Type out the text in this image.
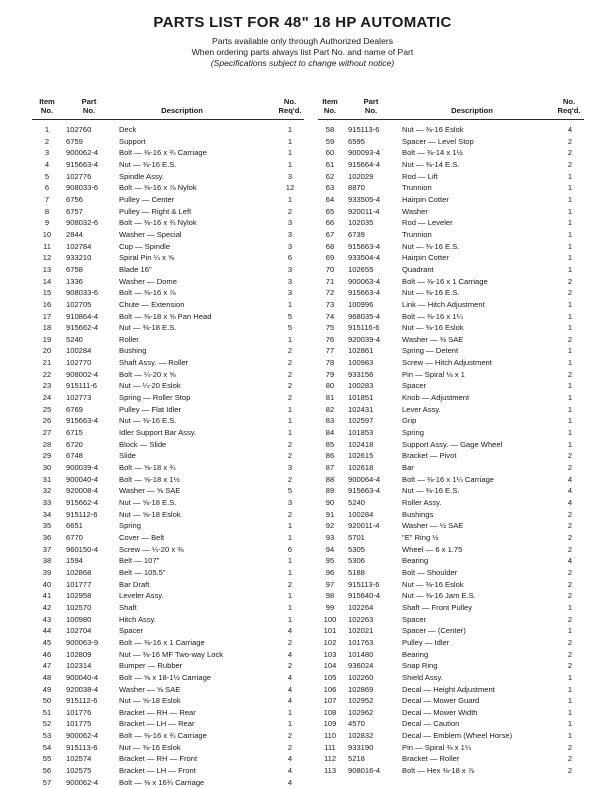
PARTS LIST FOR 48" 18 HP AUTOMATIC
Parts available only through Authorized Dealers
When ordering parts always list Part No. and name of Part
(Specifications subject to change without notice)
Item
No.
Part
No.	Description
No.
Req'd.
1	102760	Deck	1
2	6759	Support	1
3	900062-4	Bolt — ⅜-16 x ¾ Carriage	1
4	915663-4	Nut — ⅜-16 E.S.	1
5	102776	Spindle Assy.	3
6	908033-6	Bolt — ⅜-16 x ⅞ Nylok	12
7	6756	Pulley — Center	1
8	6757	Pulley — Right & Left	2
9	908032-6	Bolt — ⅜-16 x ¾ Nylok	3
10	2844	Washer — Special	3
11	102784	Cup — Spindle	3
12	933210	Spiral Pin ¼ x ⅝	6
13	6758	Blade 16"	3
14	1336	Washer — Dome	3
15	908033-6	Bolt — ⅜-16 x ⅞	3
16	102705	Chute — Extension	1
17	910864-4	Bolt — ⅜-18 x ⅝ Pan Head	5
18	915662-4	Nut — ⅜-18 E.S.	5
19	5240	Roller	1
20	100284	Bushing	2
21	102770	Shaft Assy. — Roller	2
22	908002-4	Bolt — ¼-20 x ⅝	2
23	915111-6	Nut — ¼-20 Eslok	2
24	102773	Spring — Roller Stop	2
25	6769	Pulley — Flat Idler	1
26	915663-4	Nut — ⅜-16 E.S.	1
27	6715	Idler Support Bar Assy.	1
28	6720	Block — Slide	2
29	6748	Slide	2
30	900039-4	Bolt — ⅝-18 x ¾	3
31	900040-4	Bolt — ⅝-18 x 1½	2
32	920008-4	Washer — ⅝ SAE	5
33	915662-4	Nut — ⅝-18 E.S.	3
34	915112-6	Nut — ⅝-18 Eslok	2
35	6651	Spring	1
36	6770	Cover — Belt	1
37	960150-4	Screw — ¼-20 x ⅜	6
38	1594	Belt — 107"	1
39	102868	Belt — 105.5"	1
40	101777	Bar Draft	2
41	102958	Leveler Assy.	1
42	102570	Shaft	1
43	100980	Hitch Assy.	1
44	102704	Spacer	4
45	900063-9	Bolt — ⅜-16 x 1 Carriage	2
46	102809	Nut — ⅜-16 MF Two-way Lock	4
47	102314	Bumper — Rubber	2
48	900040-4	Bolt — ⅝ x 18-1½ Carriage	4
49	920038-4	Washer — ⅝ SAE	4
50	915112-6	Nut — ⅝-18 Eslok	4
51	101776	Bracket — RH — Rear	1
52	101775	Bracket — LH — Rear	1
53	900062-4	Bolt — ⅜-16 x ¾ Carriage	2
54	915113-6	Nut — ⅜-16 Eslok	2
55	102574	Bracket — RH — Front	4
56	102575	Bracket — LH — Front	4
57	900062-4	Bolt — ⅜ x 16¾ Carriage	4
Item
No.
Part
No.	Description
No.
Req'd.
58	915113-6	Nut — ⅜-16 Eslok	4
59	6595	Spacer — Level Stop	2
60	900093-4	Bolt — ⅜-14 x 1½	2
61	915664-4	Nut — ⅜-14 E.S.	2
62	102029	Rod — Lift	1
63	8870	Trunnion	1
64	933505-4	Hairpin Cotter	1
65	920011-4	Washer	1
66	102035	Rod — Leveler	1
67	6739	Trunnion	1
68	915663-4	Nut — ⅜-16 E.S.	1
69	933504-4	Hairpin Cotter	1
70	102655	Quadrant	1
71	900063-4	Bolt — ⅜-16 x 1 Carriage	2
72	915663-4	Nut — ⅜-16 E.S.	2
73	100996	Link — Hitch Adjustment	1
74	968035-4	Bolt — ⅜-16 x 1¼	1
75	915116-6	Nut — ⅜-16 Eslok	1
76	920039-4	Washer — ⅜ SAE	2
77	102861	Spring — Detent	1
78	100983	Screw — Hitch Adjustment	1
79	933156	Pin — Spiral ⅛ x 1	2
80	100283	Spacer	1
81	101851	Knob — Adjustment	1
82	102431	Lever Assy.	1
83	102597	Grip	1
84	101853	Spring	1
85	102418	Support Assy. — Gage Wheel	1
86	102615	Bracket — Pivot	2
87	102618	Bar	2
88	900064-4	Bolt — ⅜-16 x 1¼ Carriage	4
89	915663-4	Nut — ⅜-16 E.S.	4
90	5240	Roller Assy.	4
91	100284	Bushings	2
92	920011-4	Washer — ½ SAE	2
93	5701	"E" Ring ½	2
94	5305	Wheel — 6 x 1.75	2
95	5306	Bearing	4
96	5188	Bolt — Shoulder	2
97	915113-6	Nut — ⅜-16 Eslok	2
98	915640-4	Nut — ⅜-16 Jam E.S.	2
99	102264	Shaft — Front Pulley	1
100	102263	Spacer	2
101	102021	Spacer — (Center)	1
102	101763	Pulley — Idler	2
103	101480	Bearing	2
104	936024	Snap Ring	2
105	102260	Shield Assy.	1
106	102869	Decal — Height Adjustment	1
107	102952	Decal — Mower Guard	1
108	102962	Decal — Mower Width	1
109	4570	Decal — Caution	1
110	102832	Decal — Emblem (Wheel Horse)	1
111	933190	Pin — Spiral ⅜ x 1¼	2
112	5218	Bracket — Roller	2
113	908016-4	Bolt — Hex ⅜-18 x ⅞	2
